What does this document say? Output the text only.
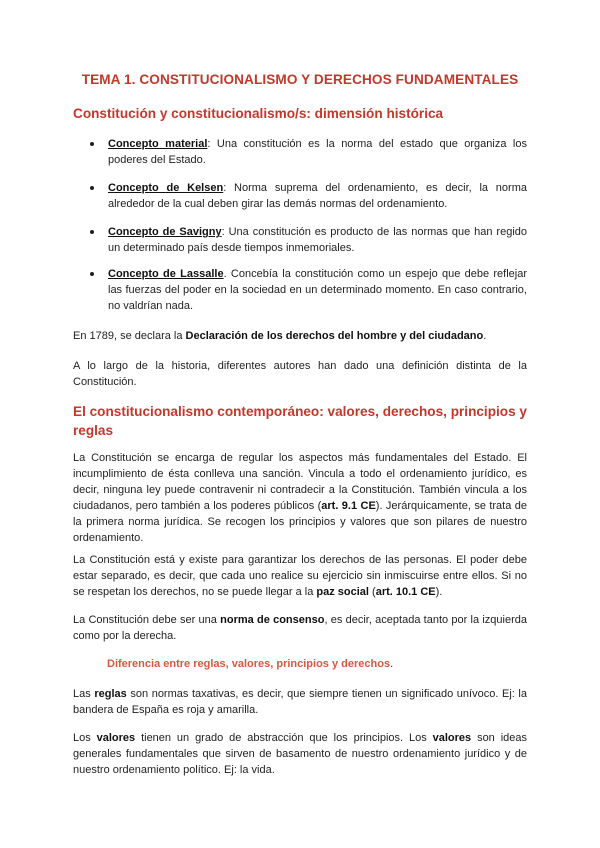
TEMA 1. CONSTITUCIONALISMO Y DERECHOS FUNDAMENTALES

Constitución y constitucionalismo/s: dimensión histórica

Concepto material: Una constitución es la norma del estado que organiza los poderes del Estado.
Concepto de Kelsen: Norma suprema del ordenamiento, es decir, la norma alrededor de la cual deben girar las demás normas del ordenamiento.
Concepto de Savigny: Una constitución es producto de las normas que han regido un determinado país desde tiempos inmemoriales.
Concepto de Lassalle. Concebía la constitución como un espejo que debe reflejar las fuerzas del poder en la sociedad en un determinado momento. En caso contrario, no valdrían nada.
En 1789, se declara la Declaración de los derechos del hombre y del ciudadano.
A lo largo de la historia, diferentes autores han dado una definición distinta de la Constitución.

El constitucionalismo contemporáneo: valores, derechos, principios y reglas

La Constitución se encarga de regular los aspectos más fundamentales del Estado. El incumplimiento de ésta conlleva una sanción. Vincula a todo el ordenamiento jurídico, es decir, ninguna ley puede contravenir ni contradecir a la Constitución. También vincula a los ciudadanos, pero también a los poderes públicos (art. 9.1 CE). Jerárquicamente, se trata de la primera norma jurídica. Se recogen los principios y valores que son pilares de nuestro ordenamiento.
La Constitución está y existe para garantizar los derechos de las personas. El poder debe estar separado, es decir, que cada uno realice su ejercicio sin inmiscuirse entre ellos. Si no se respetan los derechos, no se puede llegar a la paz social (art. 10.1 CE).
La Constitución debe ser una norma de consenso, es decir, aceptada tanto por la izquierda como por la derecha.
Diferencia entre reglas, valores, principios y derechos.
Las reglas son normas taxativas, es decir, que siempre tienen un significado unívoco. Ej: la bandera de España es roja y amarilla.
Los valores tienen un grado de abstracción que los principios. Los valores son ideas generales fundamentales que sirven de basamento de nuestro ordenamiento jurídico y de nuestro ordenamiento político. Ej: la vida.
